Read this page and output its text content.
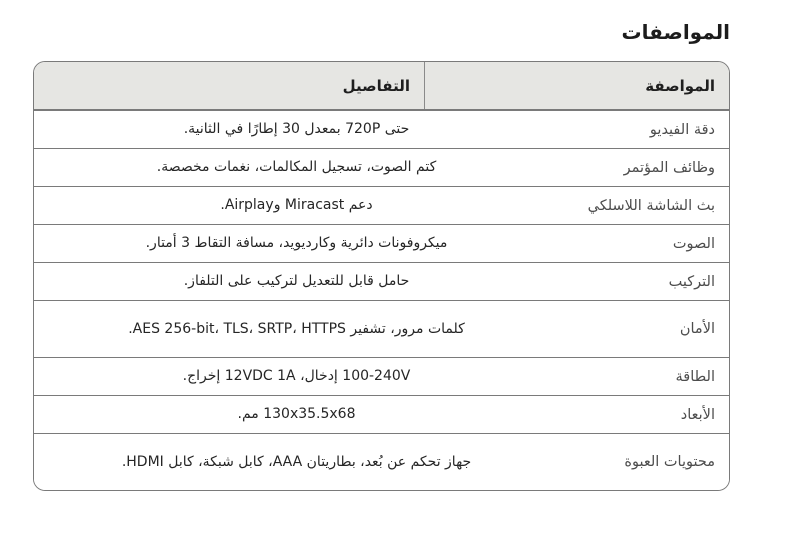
المواصفات
المواصفة
التفاصيل
دقة الفيديو
حتى 720P بمعدل 30 إطارًا في الثانية.
وظائف المؤتمر
كتم الصوت، تسجيل المكالمات، نغمات مخصصة.
بث الشاشة اللاسلكي
دعم Miracast وAirplay.
الصوت
ميكروفونات دائرية وكارديويد، مسافة التقاط 3 أمتار.
التركيب
حامل قابل للتعديل لتركيب على التلفاز.
الأمان
كلمات مرور، تشفير AES 256-bit، TLS، SRTP، HTTPS.
الطاقة
100-240V إدخال، 12VDC 1A إخراج.
الأبعاد
130x35.5x68 مم.
محتويات العبوة
جهاز تحكم عن بُعد، بطاريتان AAA، كابل شبكة، كابل HDMI.
